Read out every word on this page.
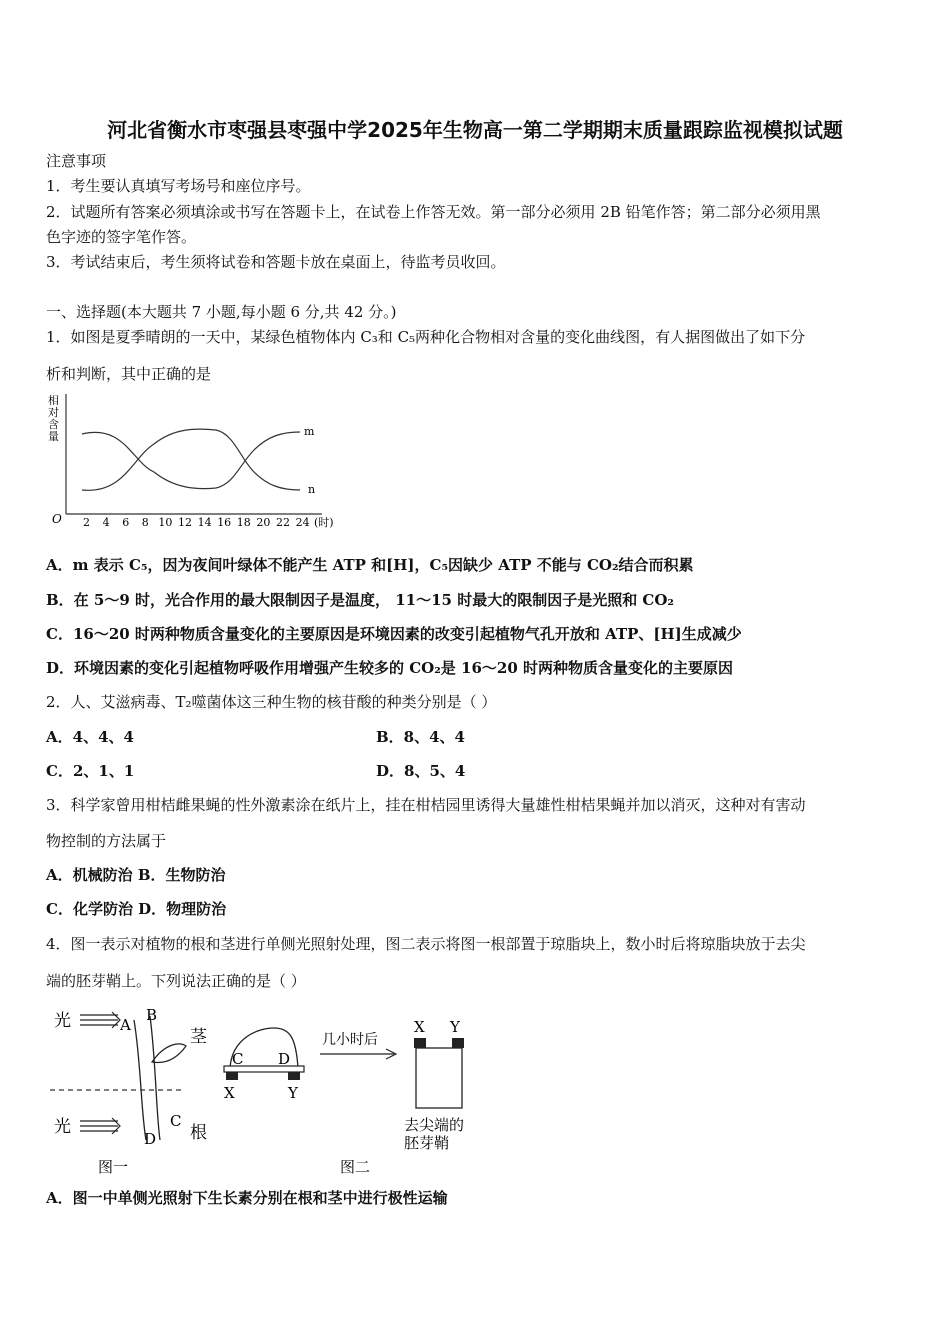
河北省衡水市枣强县枣强中学2025年生物高一第二学期期末质量跟踪监视模拟试题
注意事项
1．考生要认真填写考场号和座位序号。
2．试题所有答案必须填涂或书写在答题卡上，在试卷上作答无效。第一部分必须用 2B 铅笔作答；第二部分必须用黑
色字迹的签字笔作答。
3．考试结束后，考生须将试卷和答题卡放在桌面上，待监考员收回。
一、选择题(本大题共 7 小题,每小题 6 分,共 42 分。)
1．如图是夏季晴朗的一天中，某绿色植物体内 C₃和 C₅两种化合物相对含量的变化曲线图，有人据图做出了如下分
析和判断，其中正确的是
相
对
含
量
O 2 4 6 8 10 12 14 16 18 20 22 24 (时)
m
n
A．m 表示 C₅，因为夜间叶绿体不能产生 ATP 和[H]，C₅因缺少 ATP 不能与 CO₂结合而积累
B．在 5～9 时，光合作用的最大限制因子是温度， 11～15 时最大的限制因子是光照和 CO₂
C．16～20 时两种物质含量变化的主要原因是环境因素的改变引起植物气孔开放和 ATP、[H]生成减少
D．环境因素的变化引起植物呼吸作用增强产生较多的 CO₂是 16～20 时两种物质含量变化的主要原因
2．人、艾滋病毒、T₂噬菌体这三种生物的核苷酸的种类分别是（ ）
A．4、4、4	B．8、4、4
C．2、1、1	D．8、5、4
3．科学家曾用柑桔雌果蝇的性外激素涂在纸片上，挂在柑桔园里诱得大量雄性柑桔果蝇并加以消灭，这种对有害动
物控制的方法属于
A．机械防治 B．生物防治
C．化学防治 D．物理防治
4．图一表示对植物的根和茎进行单侧光照射处理，图二表示将图一根部置于琼脂块上，数小时后将琼脂块放于去尖
端的胚芽鞘上。下列说法正确的是（ ）
光	A
B
茎
光	C
D 根
图一
C D
X	Y
几小时后
X Y
去尖端的
胚芽鞘
图二
A．图一中单侧光照射下生长素分别在根和茎中进行极性运输
